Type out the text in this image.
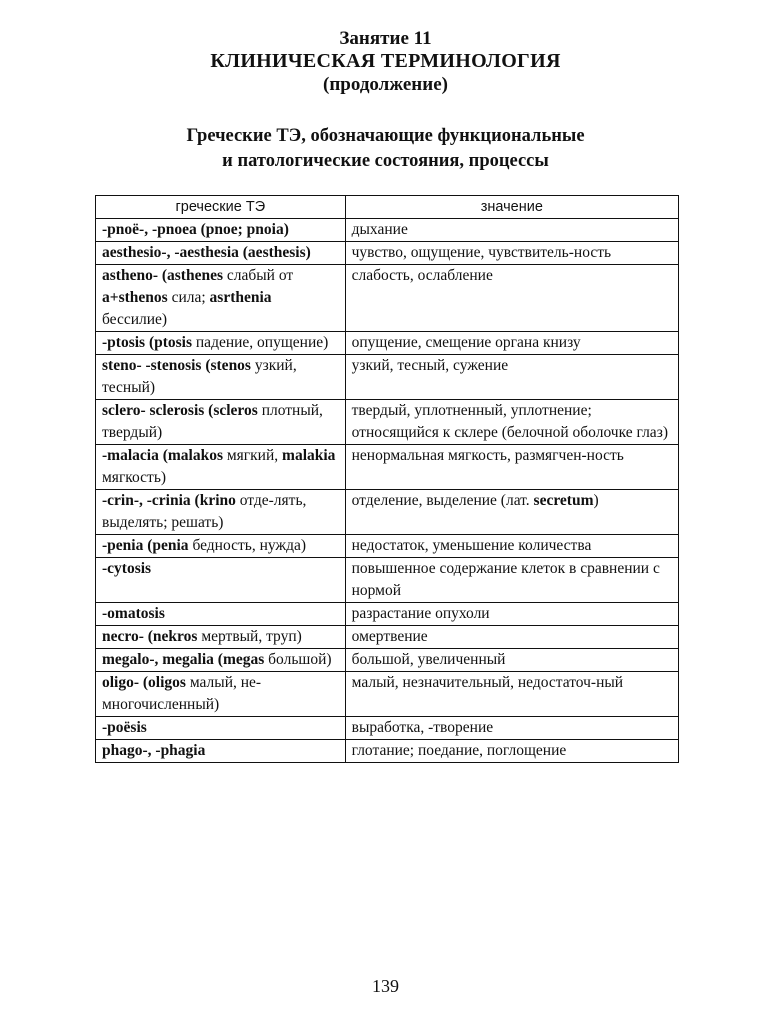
Занятие 11
КЛИНИЧЕСКАЯ ТЕРМИНОЛОГИЯ
(продолжение)
Греческие ТЭ, обозначающие функциональные
и патологические состояния, процессы
греческие ТЭ	значение
-pnoё-, -pnoea (pnoe; pnoia)	дыхание
aesthesio-, -aesthesia (aesthesis)	чувство, ощущение, чувствитель-ность
astheno- (asthenes слабый от a+sthenos сила; asrthenia бессилие)	слабость, ослабление
-ptosis (ptosis падение, опущение)	опущение, смещение органа книзу
steno- -stenosis (stenos узкий, тесный)	узкий, тесный, сужение
sclero- sclerosis (scleros плотный, твердый)	твердый, уплотненный, уплотнение; относящийся к склере (белочной оболочке глаз)
-malacia (malakos мягкий, malakia мягкость)	ненормальная мягкость, размягчен-ность
-crin-, -crinia (krino отде-лять, выделять; решать)	отделение, выделение (лат. secretum)
-penia (penia бедность, нужда)	недостаток, уменьшение количества
-cytosis	повышенное содержание клеток в сравнении с нормой
-omatosis	разрастание опухоли
necro- (nekros мертвый, труп)	омертвение
megalo-, megalia (megas большой)	большой, увеличенный
oligo- (oligos малый, не-многочисленный)	малый, незначительный, недостаточ-ный
-poёsis	выработка, -творение
phago-, -phagia	глотание; поедание, поглощение
139
